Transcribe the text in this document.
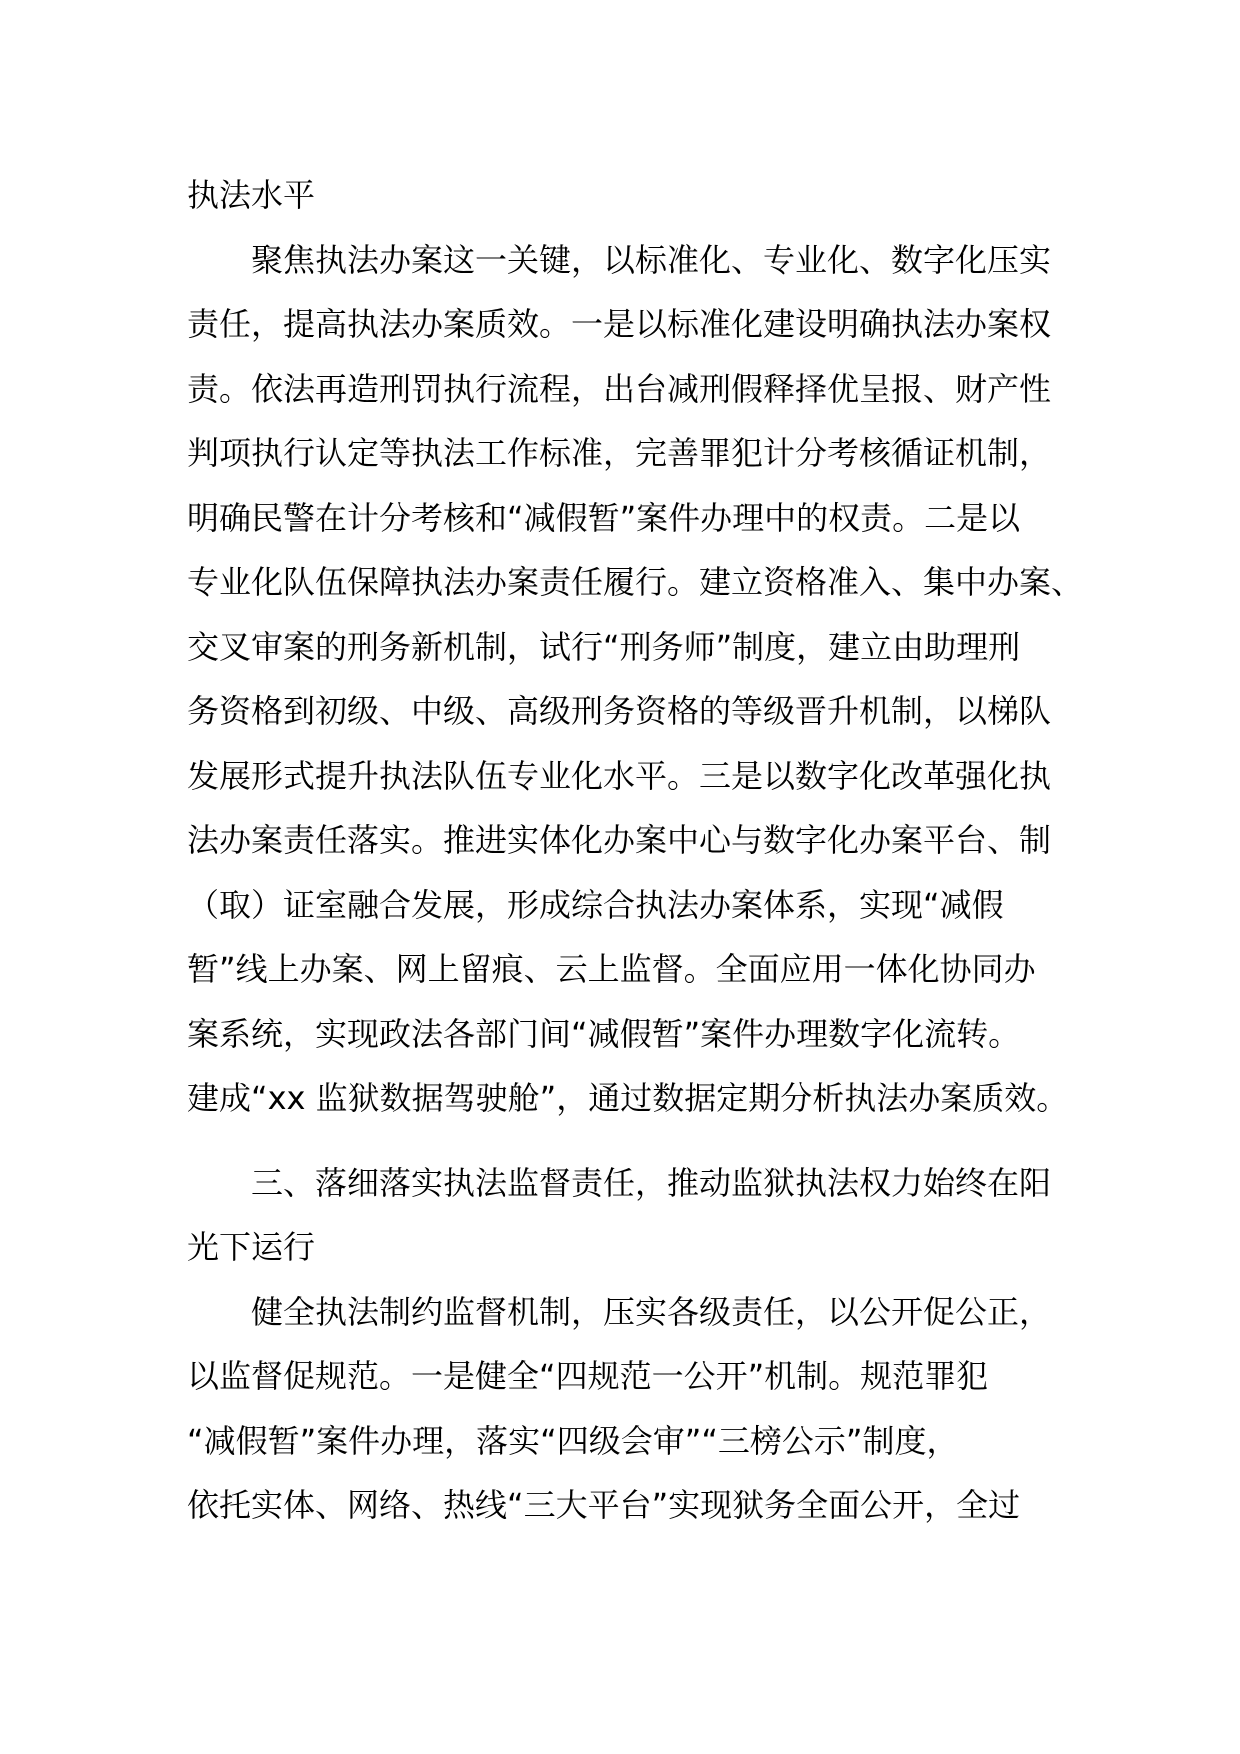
执法水平
聚焦执法办案这一关键，以标准化、专业化、数字化压实
责任，提高执法办案质效。一是以标准化建设明确执法办案权
责。依法再造刑罚执行流程，出台减刑假释择优呈报、财产性
判项执行认定等执法工作标准，完善罪犯计分考核循证机制，
明确民警在计分考核和“减假暂”案件办理中的权责。二是以
专业化队伍保障执法办案责任履行。建立资格准入、集中办案、
交叉审案的刑务新机制，试行“刑务师”制度，建立由助理刑
务资格到初级、中级、高级刑务资格的等级晋升机制，以梯队
发展形式提升执法队伍专业化水平。三是以数字化改革强化执
法办案责任落实。推进实体化办案中心与数字化办案平台、制
（取）证室融合发展，形成综合执法办案体系，实现“减假
暂”线上办案、网上留痕、云上监督。全面应用一体化协同办
案系统，实现政法各部门间“减假暂”案件办理数字化流转。
建成“xx 监狱数据驾驶舱”，通过数据定期分析执法办案质效。
三、落细落实执法监督责任，推动监狱执法权力始终在阳
光下运行
健全执法制约监督机制，压实各级责任，以公开促公正，
以监督促规范。一是健全“四规范一公开”机制。规范罪犯
“减假暂”案件办理，落实“四级会审”“三榜公示”制度，
依托实体、网络、热线“三大平台”实现狱务全面公开，全过
